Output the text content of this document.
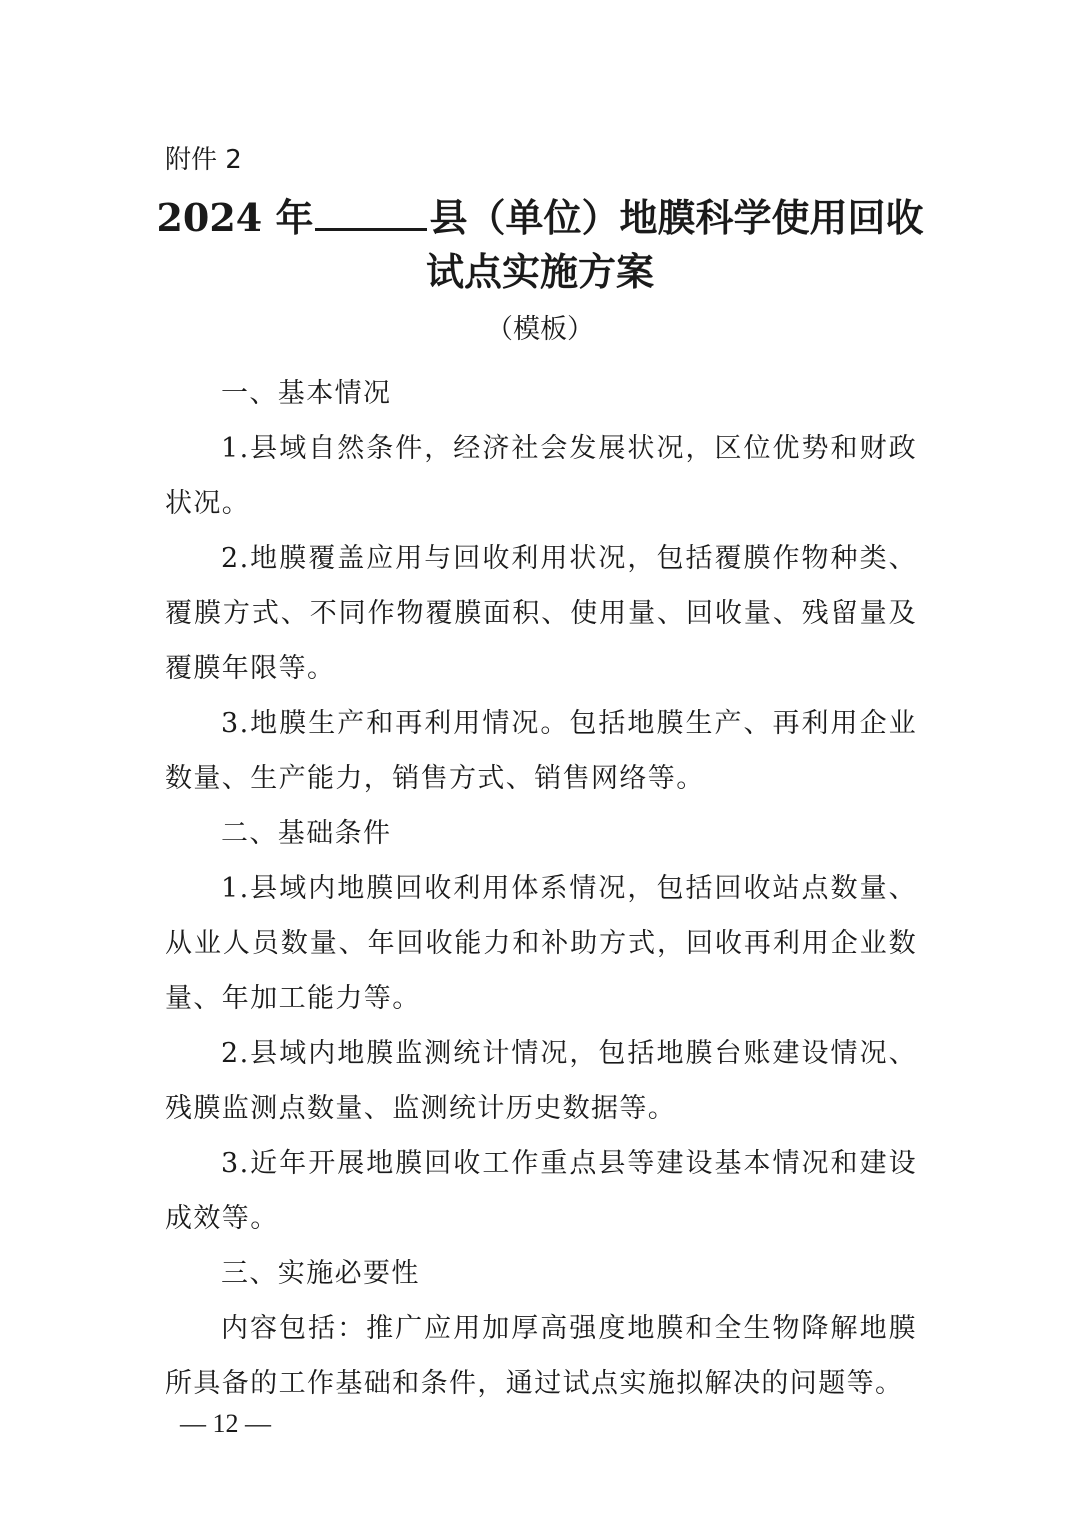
附件 2
2024 年	县（单位）地膜科学使用回收
试点实施方案
（模板）
一、基本情况

1.县域自然条件，经济社会发展状况，区位优势和财政状况。

2.地膜覆盖应用与回收利用状况，包括覆膜作物种类、覆膜方式、不同作物覆膜面积、使用量、回收量、残留量及覆膜年限等。

3.地膜生产和再利用情况。包括地膜生产、再利用企业数量、生产能力，销售方式、销售网络等。

二、基础条件

1.县域内地膜回收利用体系情况，包括回收站点数量、从业人员数量、年回收能力和补助方式，回收再利用企业数量、年加工能力等。

2.县域内地膜监测统计情况，包括地膜台账建设情况、残膜监测点数量、监测统计历史数据等。

3.近年开展地膜回收工作重点县等建设基本情况和建设成效等。

三、实施必要性

内容包括：推广应用加厚高强度地膜和全生物降解地膜所具备的工作基础和条件，通过试点实施拟解决的问题等。

— 12 —
